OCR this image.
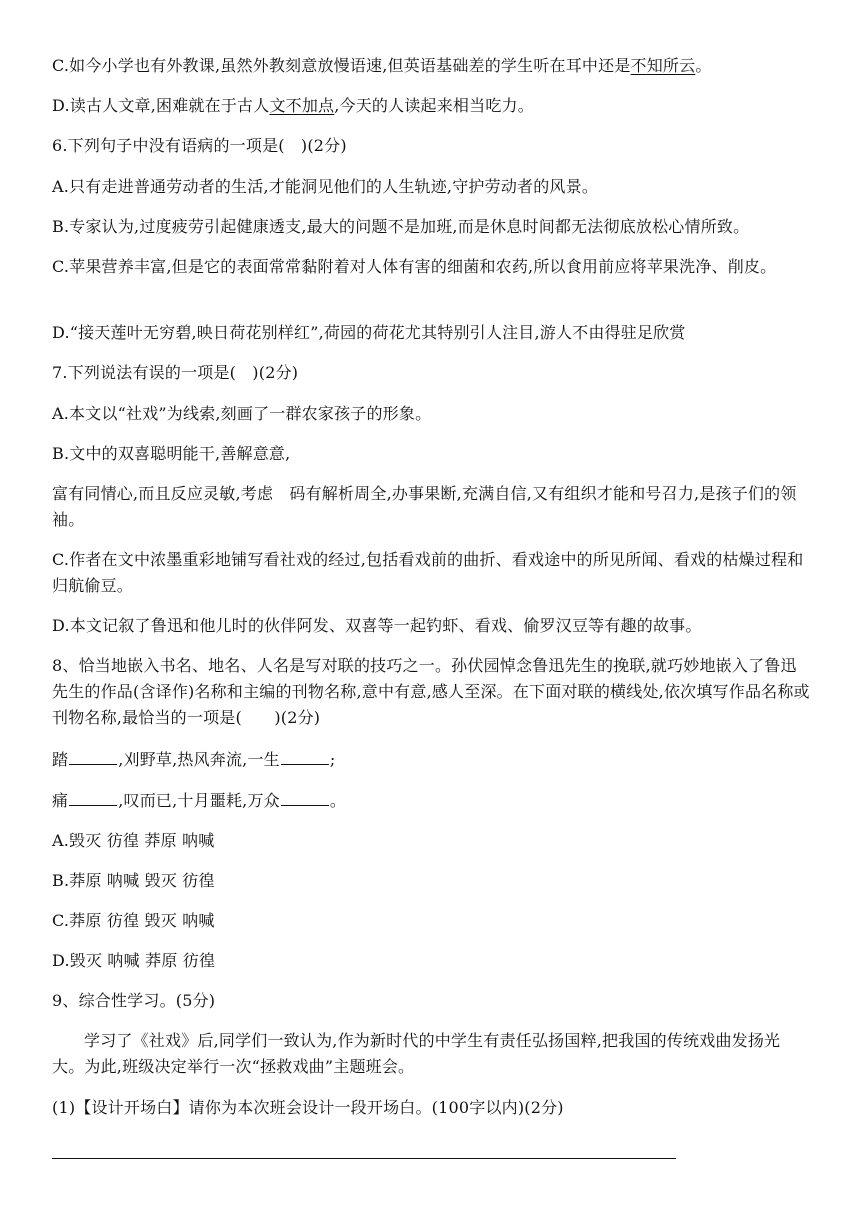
C.如今小学也有外教课,虽然外教刻意放慢语速,但英语基础差的学生听在耳中还是不知所云。
D.读古人文章,困难就在于古人文不加点,今天的人读起来相当吃力。
6.下列句子中没有语病的一项是(　)(2分)
A.只有走进普通劳动者的生活,才能洞见他们的人生轨迹,守护劳动者的风景。
B.专家认为,过度疲劳引起健康透支,最大的问题不是加班,而是休息时间都无法彻底放松心情所致。
C.苹果营养丰富,但是它的表面常常黏附着对人体有害的细菌和农药,所以食用前应将苹果洗净、削皮。
D.“接天莲叶无穷碧,映日荷花别样红”,荷园的荷花尤其特别引人注目,游人不由得驻足欣赏
7.下列说法有误的一项是(　)(2分)
A.本文以“社戏”为线索,刻画了一群农家孩子的形象。
B.文中的双喜聪明能干,善解意意,
富有同情心,而且反应灵敏,考虑　码有解析周全,办事果断,充满自信,又有组织才能和号召力,是孩子们的领袖。
C.作者在文中浓墨重彩地铺写看社戏的经过,包括看戏前的曲折、看戏途中的所见所闻、看戏的枯燥过程和归航偷豆。
D.本文记叙了鲁迅和他儿时的伙伴阿发、双喜等一起钓虾、看戏、偷罗汉豆等有趣的故事。
8、恰当地嵌入书名、地名、人名是写对联的技巧之一。孙伏园悼念鲁迅先生的挽联,就巧妙地嵌入了鲁迅先生的作品(含译作)名称和主编的刊物名称,意中有意,感人至深。在下面对联的横线处,依次填写作品名称或刊物名称,最恰当的一项是(　　)(2分)
踏	,刈野草,热风奔流,一生	;
痛	,叹而已,十月噩耗,万众	。
A.毁灭 彷徨 莽原 呐喊
B.莽原 呐喊 毁灭 彷徨
C.莽原 彷徨 毁灭 呐喊
D.毁灭 呐喊 莽原 彷徨
9、综合性学习。(5分)
学习了《社戏》后,同学们一致认为,作为新时代的中学生有责任弘扬国粹,把我国的传统戏曲发扬光大。为此,班级决定举行一次“拯救戏曲”主题班会。
(1)【设计开场白】请你为本次班会设计一段开场白。(100字以内)(2分)
